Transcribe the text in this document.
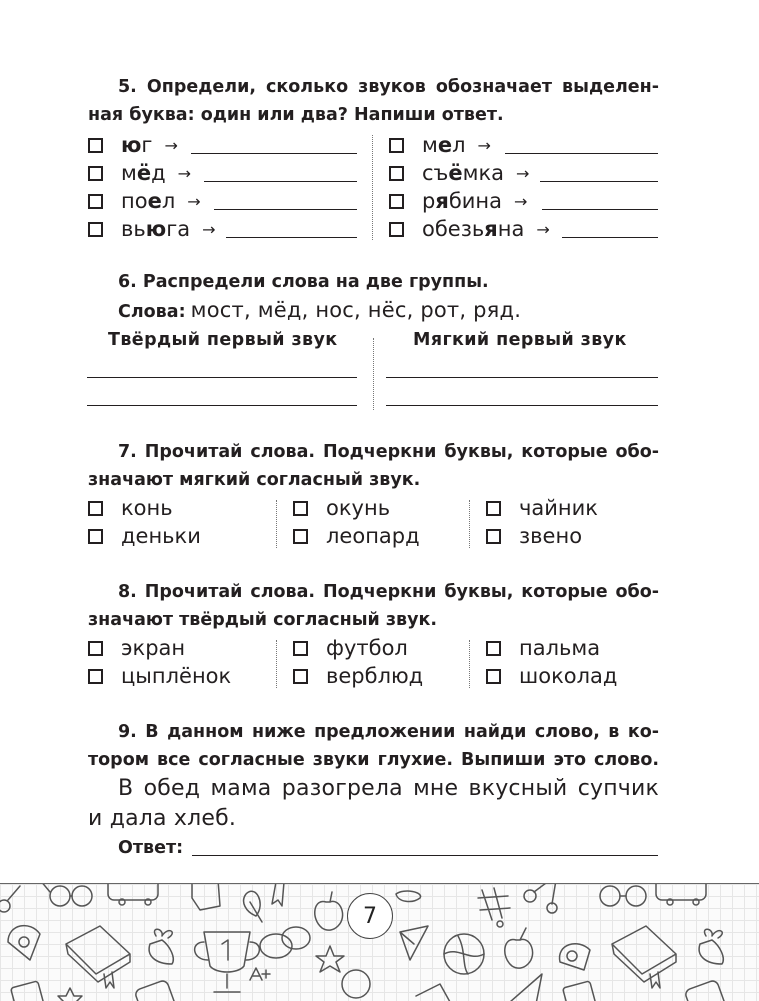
5. Определи, сколько звуков обозначает выделен-
ная буква: один или два? Напиши ответ.
юг →
мёд →
поел →
вьюга →
мел →
съёмка →
рябина →
обезьяна →
6. Распредели слова на две группы.
Слова: мост, мёд, нос, нёс, рот, ряд.
Твёрдый первый звук	Мягкий первый звук
7. Прочитай слова. Подчеркни буквы, которые обо-
значают мягкий согласный звук.
конь
деньки
окунь
леопард
чайник
звено
8. Прочитай слова. Подчеркни буквы, которые обо-
значают твёрдый согласный звук.
экран
цыплёнок
футбол
верблюд
пальма
шоколад
9. В данном ниже предложении найди слово, в ко-
тором все согласные звуки глухие. Выпиши это слово.
В обед мама разогрела мне вкусный супчик
и дала хлеб.
Ответ:
7
